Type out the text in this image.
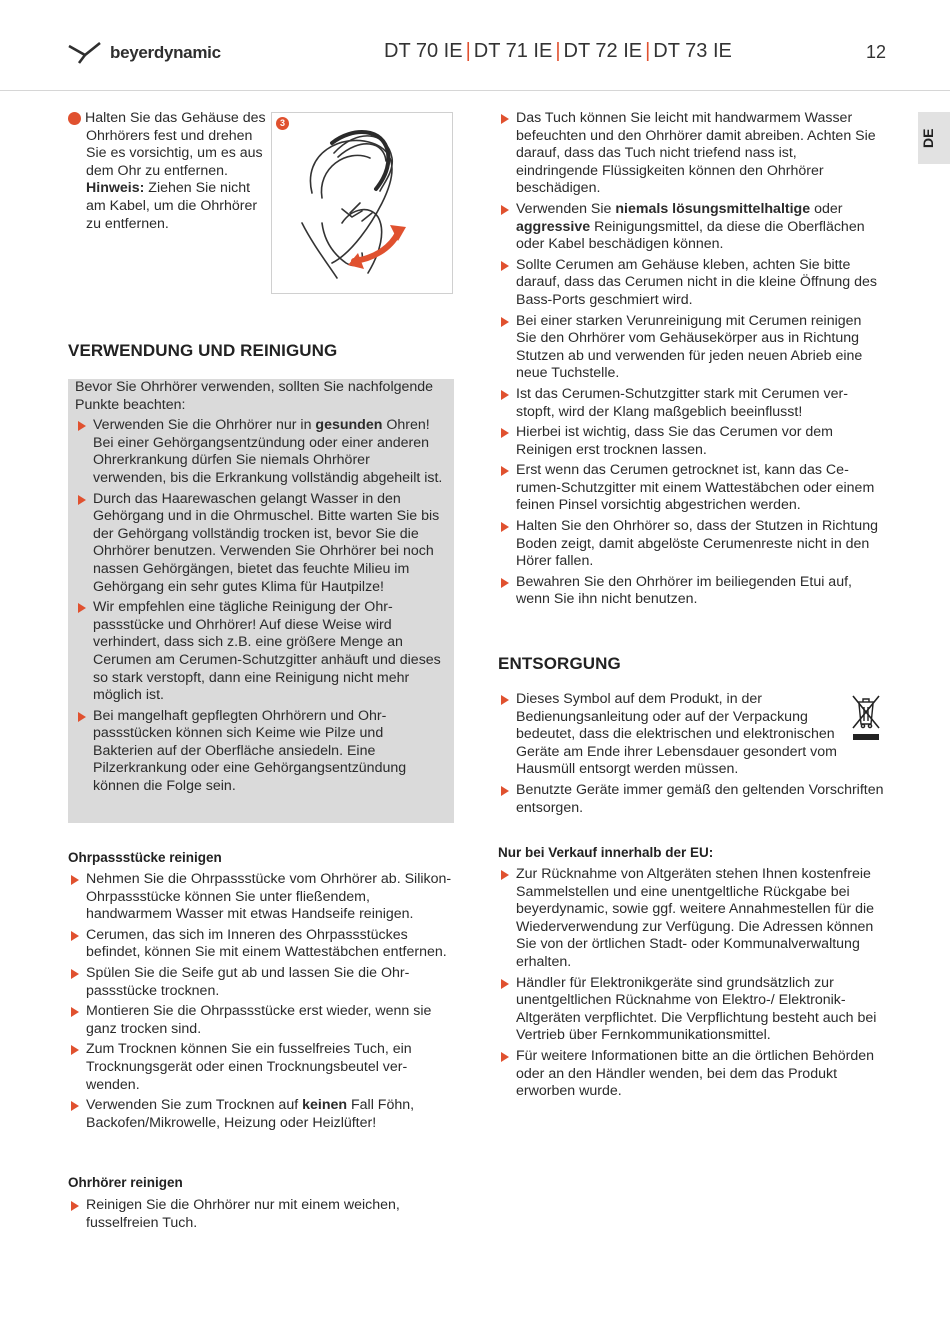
beyerdynamic	DT 70 IE | DT 71 IE | DT 72 IE | DT 73 IE	12
DE
3 Halten Sie das Gehäuse des Ohrhörers fest und drehen Sie es vorsichtig, um es aus dem Ohr zu entfernen.
Hinweis: Ziehen Sie nicht am Kabel, um die Ohrhörer zu entfernen.
3
VERWENDUNG UND REINIGUNG
Bevor Sie Ohrhörer verwenden, sollten Sie nachfolgende Punkte beachten:
Verwenden Sie die Ohrhörer nur in gesunden Ohren! Bei einer Gehörgangsentzündung oder einer anderen Ohrerkrankung dürfen Sie niemals Ohrhörer verwenden, bis die Erkrankung vollständig abgeheilt ist.
Durch das Haarewaschen gelangt Wasser in den Gehörgang und in die Ohrmuschel. Bitte warten Sie bis der Gehörgang vollständig trocken ist, bevor Sie die Ohrhörer benutzen. Verwenden Sie Ohrhörer bei noch nassen Gehörgängen, bietet das feuchte Milieu im Gehörgang ein sehr gutes Klima für Hautpilze!
Wir empfehlen eine tägliche Reinigung der Ohrpassstücke und Ohrhörer! Auf diese Weise wird verhindert, dass sich z.B. eine größere Menge an Cerumen am Cerumen-Schutzgitter anhäuft und dieses so stark verstopft, dann eine Reinigung nicht mehr möglich ist.
Bei mangelhaft gepflegten Ohrhörern und Ohrpassstücken können sich Keime wie Pilze und Bakterien auf der Oberfläche ansiedeln. Eine Pilzerkrankung oder eine Gehörgangsentzündung können die Folge sein.
Ohrpassstücke reinigen
Nehmen Sie die Ohrpassstücke vom Ohrhörer ab. Silikon-Ohrpassstücke können Sie unter fließendem, handwarmem Wasser mit etwas Handseife reinigen.
Cerumen, das sich im Inneren des Ohrpassstückes befindet, können Sie mit einem Wattestäbchen entfernen.
Spülen Sie die Seife gut ab und lassen Sie die Ohrpassstücke trocknen.
Montieren Sie die Ohrpassstücke erst wieder, wenn sie ganz trocken sind.
Zum Trocknen können Sie ein fusselfreies Tuch, ein Trocknungsgerät oder einen Trocknungsbeutel verwenden.
Verwenden Sie zum Trocknen auf keinen Fall Föhn, Backofen/Mikrowelle, Heizung oder Heizlüfter!
Ohrhörer reinigen
Reinigen Sie die Ohrhörer nur mit einem weichen, fusselfreien Tuch.
Das Tuch können Sie leicht mit handwarmem Wasser befeuchten und den Ohrhörer damit abreiben. Achten Sie darauf, dass das Tuch nicht triefend nass ist, eindringende Flüssigkeiten können den Ohrhörer beschädigen.
Verwenden Sie niemals lösungsmittelhaltige oder aggressive Reinigungsmittel, da diese die Oberflächen oder Kabel beschädigen können.
Sollte Cerumen am Gehäuse kleben, achten Sie bitte darauf, dass das Cerumen nicht in die kleine Öffnung des Bass-Ports geschmiert wird.
Bei einer starken Verunreinigung mit Cerumen reinigen Sie den Ohrhörer vom Gehäusekörper aus in Richtung Stutzen ab und verwenden für jeden neuen Abrieb eine neue Tuchstelle.
Ist das Cerumen-Schutzgitter stark mit Cerumen verstopft, wird der Klang maßgeblich beeinflusst!
Hierbei ist wichtig, dass Sie das Cerumen vor dem Reinigen erst trocknen lassen.
Erst wenn das Cerumen getrocknet ist, kann das Cerumen-Schutzgitter mit einem Wattestäbchen oder einem feinen Pinsel vorsichtig abgestrichen werden.
Halten Sie den Ohrhörer so, dass der Stutzen in Richtung Boden zeigt, damit abgelöste Cerumenreste nicht in den Hörer fallen.
Bewahren Sie den Ohrhörer im beiliegenden Etui auf, wenn Sie ihn nicht benutzen.
ENTSORGUNG
Dieses Symbol auf dem Produkt, in der Bedienungsanleitung oder auf der Verpackung bedeutet, dass die elektrischen und elektronischen Geräte am Ende ihrer Lebensdauer gesondert vom Hausmüll entsorgt werden müssen.
Benutzte Geräte immer gemäß den geltenden Vorschriften entsorgen.
Nur bei Verkauf innerhalb der EU:
Zur Rücknahme von Altgeräten stehen Ihnen kostenfreie Sammelstellen und eine unentgeltliche Rückgabe bei beyerdynamic, sowie ggf. weitere Annahmestellen für die Wiederverwendung zur Verfügung. Die Adressen können Sie von der örtlichen Stadt- oder Kommunalverwaltung erhalten.
Händler für Elektronikgeräte sind grundsätzlich zur unentgeltlichen Rücknahme von Elektro-/ Elektronik-Altgeräten verpflichtet. Die Verpflichtung besteht auch bei Vertrieb über Fernkommunikationsmittel.
Für weitere Informationen bitte an die örtlichen Behörden oder an den Händler wenden, bei dem das Produkt erworben wurde.
